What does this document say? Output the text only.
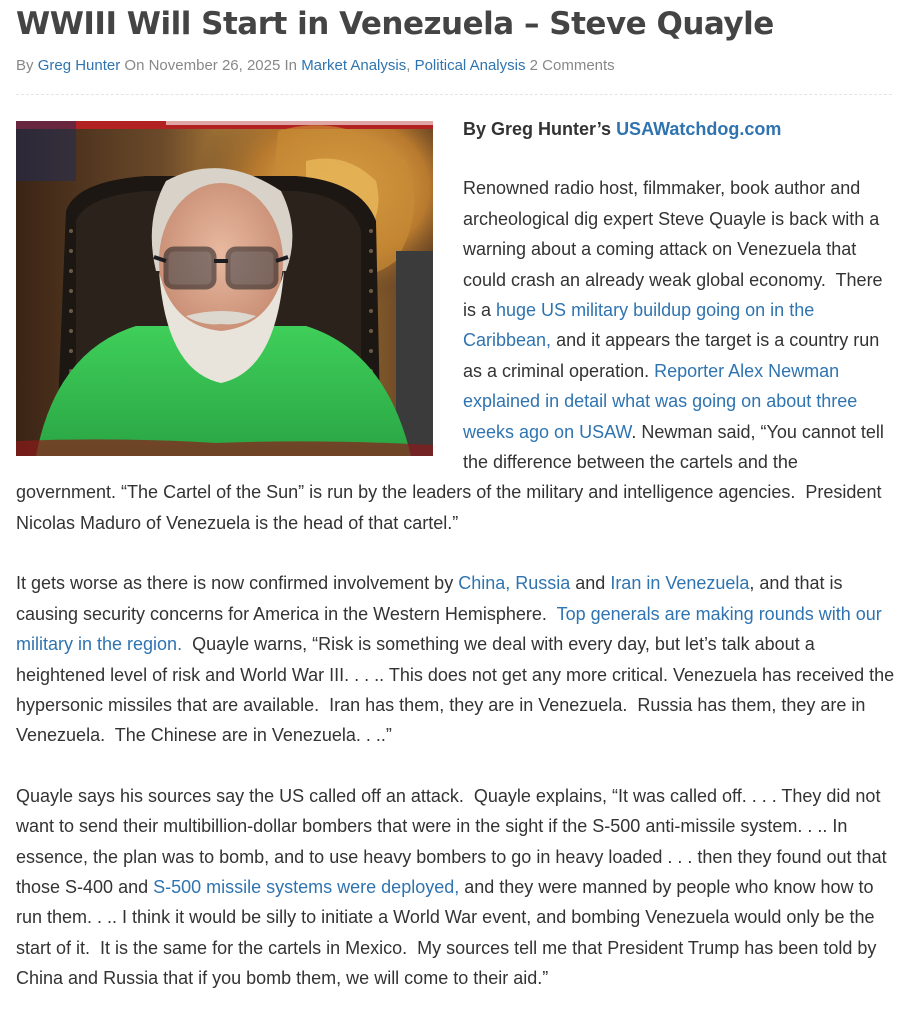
WWIII Will Start in Venezuela – Steve Quayle
By Greg Hunter On November 26, 2025 In Market Analysis, Political Analysis 2 Comments

By Greg Hunter’s USAWatchdog.com

Renowned radio host, filmmaker, book author and archeological dig expert Steve Quayle is back with a warning about a coming attack on Venezuela that could crash an already weak global economy.  There is a huge US military buildup going on in the Caribbean, and it appears the target is a country run as a criminal operation. Reporter Alex Newman explained in detail what was going on about three weeks ago on USAW. Newman said, “You cannot tell the difference between the cartels and the government. “The Cartel of the Sun” is run by the leaders of the military and intelligence agencies.  President Nicolas Maduro of Venezuela is the head of that cartel.”

It gets worse as there is now confirmed involvement by China, Russia and Iran in Venezuela, and that is causing security concerns for America in the Western Hemisphere.  Top generals are making rounds with our military in the region.  Quayle warns, “Risk is something we deal with every day, but let’s talk about a heightened level of risk and World War III. . . .. This does not get any more critical. Venezuela has received the hypersonic missiles that are available.  Iran has them, they are in Venezuela.  Russia has them, they are in Venezuela.  The Chinese are in Venezuela. . ..”

Quayle says his sources say the US called off an attack.  Quayle explains, “It was called off. . . . They did not want to send their multibillion-dollar bombers that were in the sight if the S-500 anti-missile system. . .. In essence, the plan was to bomb, and to use heavy bombers to go in heavy loaded . . . then they found out that those S-400 and S-500 missile systems were deployed, and they were manned by people who know how to run them. . .. I think it would be silly to initiate a World War event, and bombing Venezuela would only be the start of it.  It is the same for the cartels in Mexico.  My sources tell me that President Trump has been told by China and Russia that if you bomb them, we will come to their aid.”
